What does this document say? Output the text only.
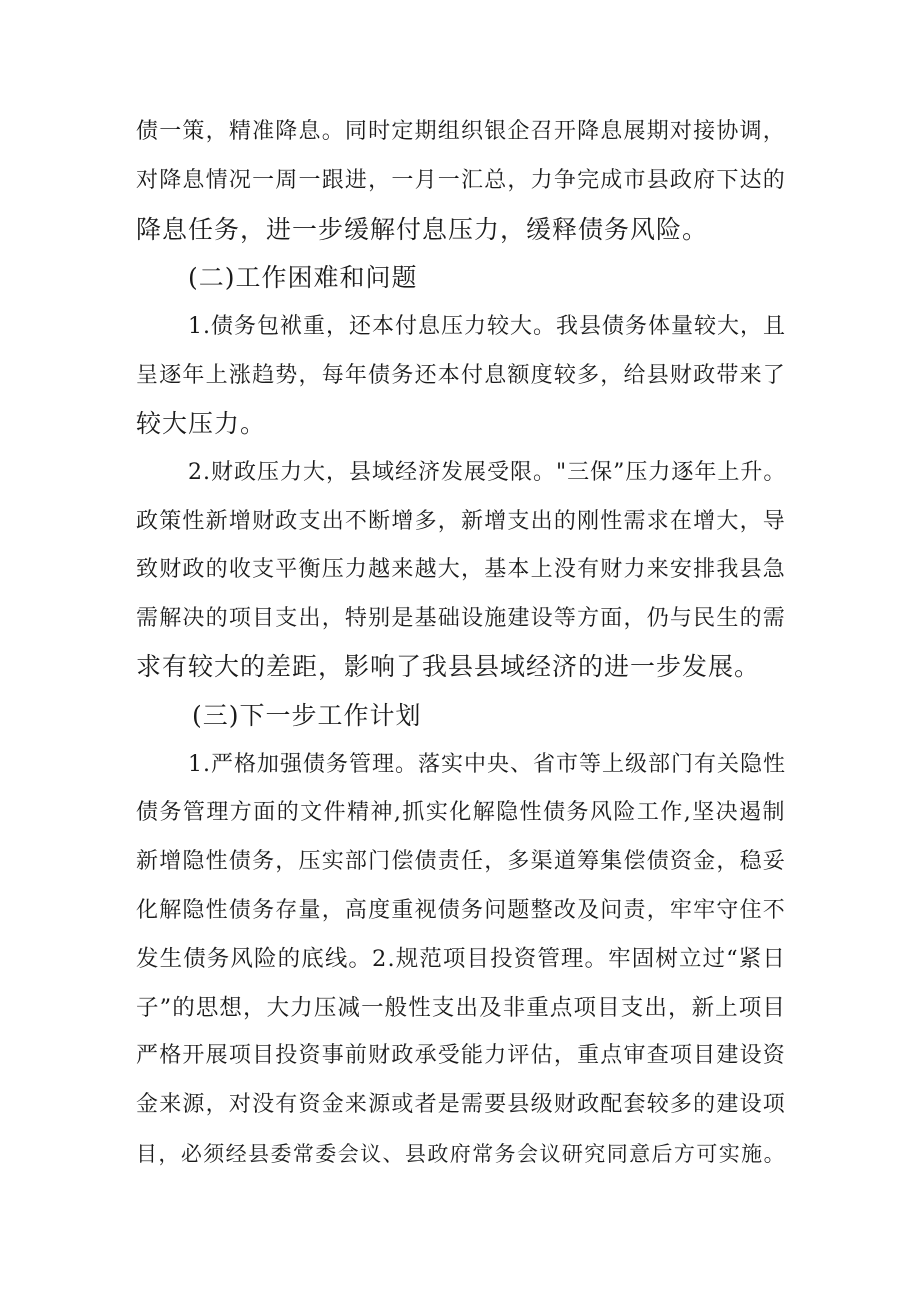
债一策，精准降息。同时定期组织银企召开降息展期对接协调，
对降息情况一周一跟进，一月一汇总，力争完成市县政府下达的
降息任务，进一步缓解付息压力，缓释债务风险。
(二)工作困难和问题
1.债务包袱重，还本付息压力较大。我县债务体量较大，且
呈逐年上涨趋势，每年债务还本付息额度较多，给县财政带来了
较大压力。
2.财政压力大，县域经济发展受限。"三保”压力逐年上升。
政策性新增财政支出不断增多，新增支出的刚性需求在增大，导
致财政的收支平衡压力越来越大，基本上没有财力来安排我县急
需解决的项目支出，特别是基础设施建设等方面，仍与民生的需
求有较大的差距，影响了我县县域经济的进一步发展。
(三)下一步工作计划
1.严格加强债务管理。落实中央、省市等上级部门有关隐性
债务管理方面的文件精神,抓实化解隐性债务风险工作,坚决遏制
新增隐性债务，压实部门偿债责任，多渠道筹集偿债资金，稳妥
化解隐性债务存量，高度重视债务问题整改及问责，牢牢守住不
发生债务风险的底线。2.规范项目投资管理。牢固树立过“紧日
子”的思想，大力压减一般性支出及非重点项目支出，新上项目
严格开展项目投资事前财政承受能力评估，重点审查项目建设资
金来源，对没有资金来源或者是需要县级财政配套较多的建设项
目，必须经县委常委会议、县政府常务会议研究同意后方可实施。
